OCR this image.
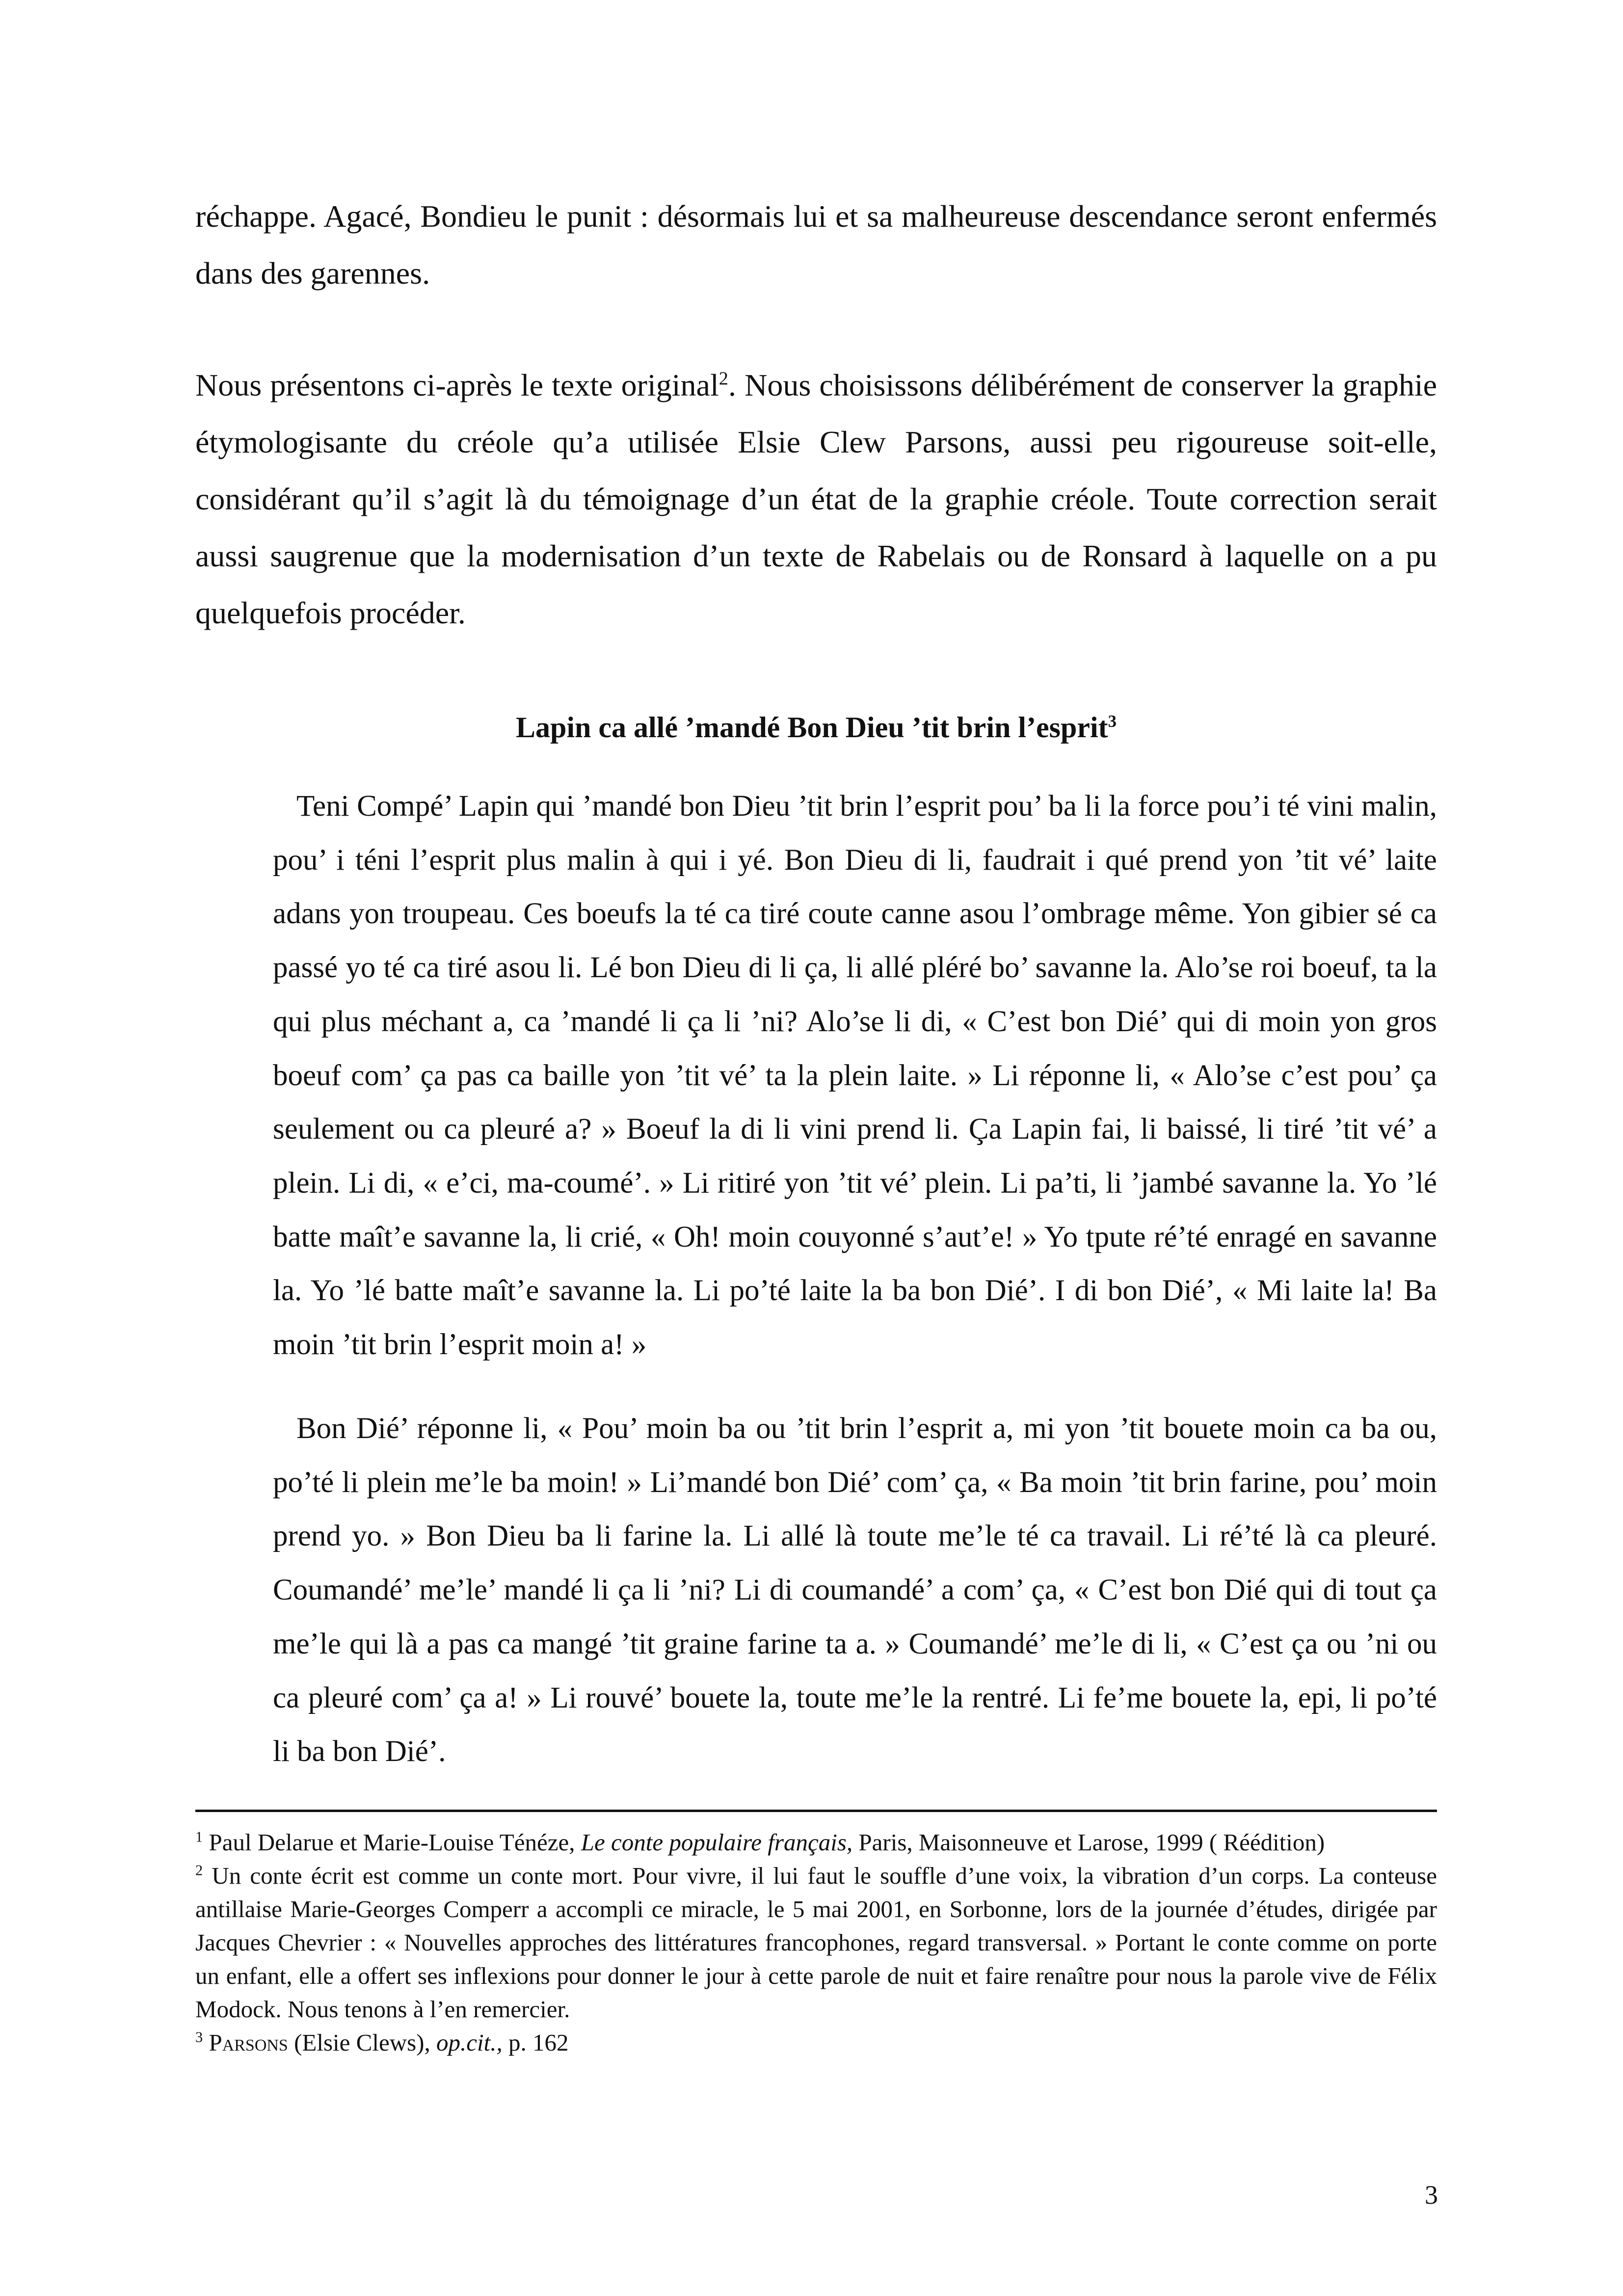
réchappe. Agacé, Bondieu le punit : désormais lui et sa malheureuse descendance seront enfermés dans des garennes.

Nous présentons ci-après le texte original$^2$. Nous choisissons délibérément de conserver la graphie étymologisante du créole qu’a utilisée Elsie Clew Parsons, aussi peu rigoureuse soit-elle, considérant qu’il s’agit là du témoignage d’un état de la graphie créole. Toute correction serait aussi saugrenue que la modernisation d’un texte de Rabelais ou de Ronsard à laquelle on a pu quelquefois procéder.

Lapin ca allé ’mandé Bon Dieu ’tit brin l’esprit$^3$

Teni Compé’ Lapin qui ’mandé bon Dieu ’tit brin l’esprit pou’ ba li la force pou’i té vini malin, pou’ i téni l’esprit plus malin à qui i yé. Bon Dieu di li, faudrait i qué prend yon ’tit vé’ laite adans yon troupeau. Ces boeufs la té ca tiré coute canne asou l’ombrage même. Yon gibier sé ca passé yo té ca tiré asou li. Lé bon Dieu di li ça, li allé pléré bo’ savanne la. Alo’se roi boeuf, ta la qui plus méchant a, ca ’mandé li ça li ’ni? Alo’se li di, « C’est bon Dié’ qui di moin yon gros boeuf com’ ça pas ca baille yon ’tit vé’ ta la plein laite. » Li réponne li, « Alo’se c’est pou’ ça seulement ou ca pleuré a? » Boeuf la di li vini prend li. Ça Lapin fai, li baissé, li tiré ’tit vé’ a plein. Li di, « e’ci, ma-coumé’. » Li ritiré yon ’tit vé’ plein. Li pa’ti, li ’jambé savanne la. Yo ’lé batte maît’e savanne la, li crié, « Oh! moin couyonné s’aut’e! » Yo tpute ré’té enragé en savanne la. Yo ’lé batte maît’e savanne la. Li po’té laite la ba bon Dié’. I di bon Dié’, « Mi laite la! Ba moin ’tit brin l’esprit moin a! »

Bon Dié’ réponne li, « Pou’ moin ba ou ’tit brin l’esprit a, mi yon ’tit bouete moin ca ba ou, po’té li plein me’le ba moin! » Li’mandé bon Dié’ com’ ça, « Ba moin ’tit brin farine, pou’ moin prend yo. » Bon Dieu ba li farine la. Li allé là toute me’le té ca travail. Li ré’té là ca pleuré. Coumandé’ me’le’ mandé li ça li ’ni? Li di coumandé’ a com’ ça, « C’est bon Dié qui di tout ça me’le qui là a pas ca mangé ’tit graine farine ta a. » Coumandé’ me’le di li, « C’est ça ou ’ni ou ca pleuré com’ ça a! » Li rouvé’ bouete la, toute me’le la rentré. Li fe’me bouete la, epi, li po’té li ba bon Dié’.

$^1$ Paul Delarue et Marie-Louise Ténéze, Le conte populaire français, Paris, Maisonneuve et Larose, 1999 ( Réédition)

$^2$ Un conte écrit est comme un conte mort. Pour vivre, il lui faut le souffle d’une voix, la vibration d’un corps. La conteuse antillaise Marie-Georges Comperr a accompli ce miracle, le 5 mai 2001, en Sorbonne, lors de la journée d’études, dirigée par Jacques Chevrier : « Nouvelles approches des littératures francophones, regard transversal. » Portant le conte comme on porte un enfant, elle a offert ses inflexions pour donner le jour à cette parole de nuit et faire renaître pour nous la parole vive de Félix Modock. Nous tenons à l’en remercier.

$^3$ Parsons (Elsie Clews), op.cit., p. 162

3
